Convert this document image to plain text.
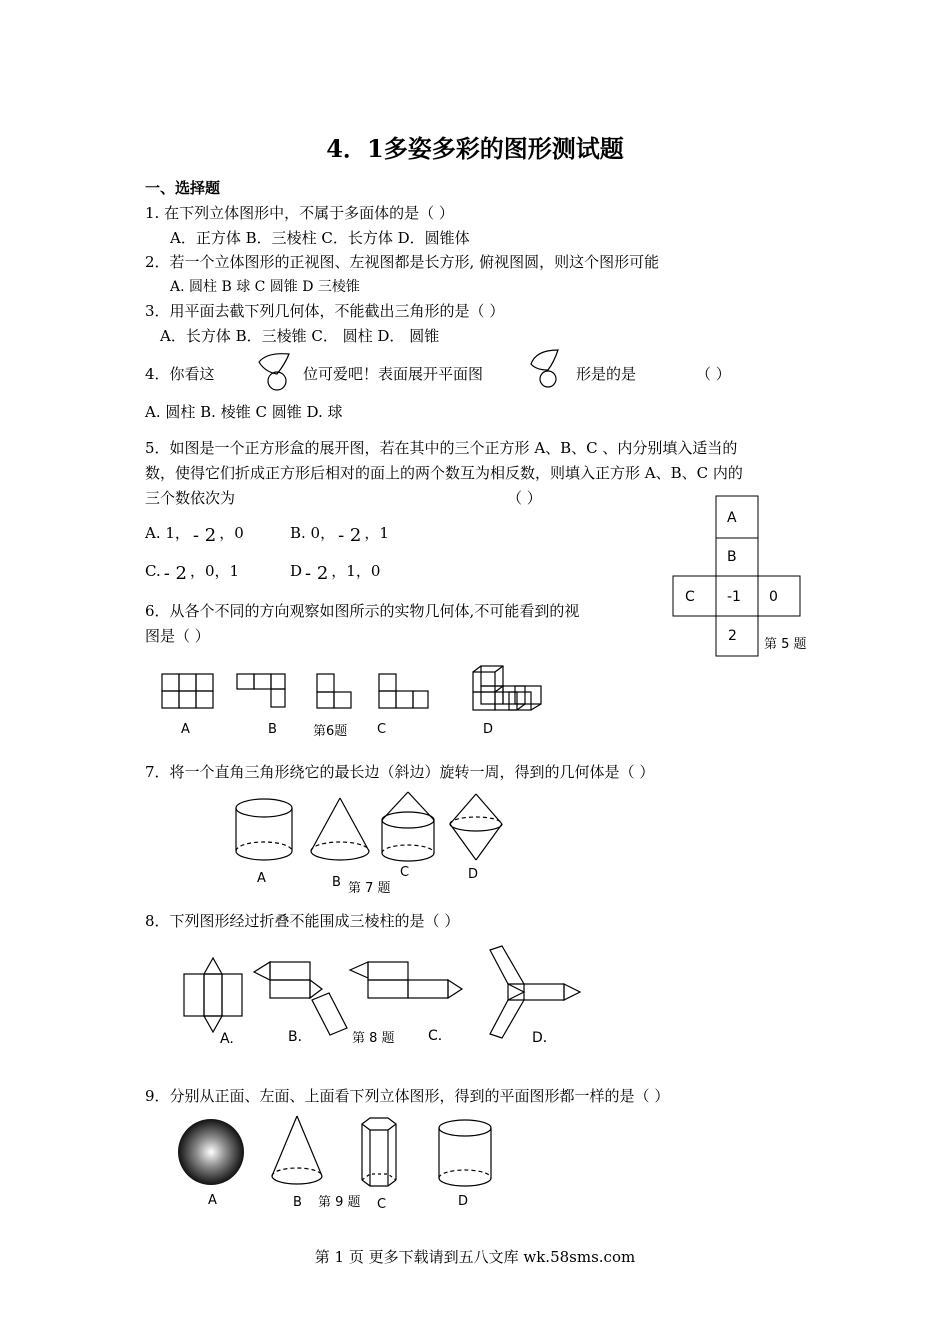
4．1多姿多彩的图形测试题
一、选择题
1. 在下列立体图形中，不属于多面体的是（ ）
A．正方体 B．三棱柱 C．长方体 D．圆锥体
2．若一个立体图形的正视图、左视图都是长方形, 俯视图圆，则这个图形可能
A. 圆柱 B 球 C 圆锥 D 三棱锥
3．用平面去截下列几何体，不能截出三角形的是（ ）
A．长方体 B．三棱锥 C． 圆柱 D． 圆锥
4．你看这	位可爱吧！表面展开平面图	形是的是	（ ）
A. 圆柱 B. 棱锥 C 圆锥 D. 球
5．如图是一个正方形盒的展开图，若在其中的三个正方形 A、B、C 、内分别填入适当的
数，使得它们折成正方形后相对的面上的两个数互为相反数，则填入正方形 A、B、C 内的
三个数依次为	（ ）
A. 1， - 2 ，0	B. 0， - 2 ，1
C. - 2 ，0，1	D - 2 ，1，0
A
B
C -1 0
2
第 5 题
6．从各个不同的方向观察如图所示的实物几何体,不可能看到的视
图是（ ）
A	B	第6题 C	D
7．将一个直角三角形绕它的最长边（斜边）旋转一周，得到的几何体是（ ）
A	B 第 7 题
C	D
8．下列图形经过折叠不能围成三棱柱的是（ ）
A.	B．	第 8 题 C．	D．
9．分别从正面、左面、上面看下列立体图形，得到的平面图形都一样的是（ ）
A	B 第 9 题 C	D
第 1 页 更多下载请到五八文库 wk.58sms.com
